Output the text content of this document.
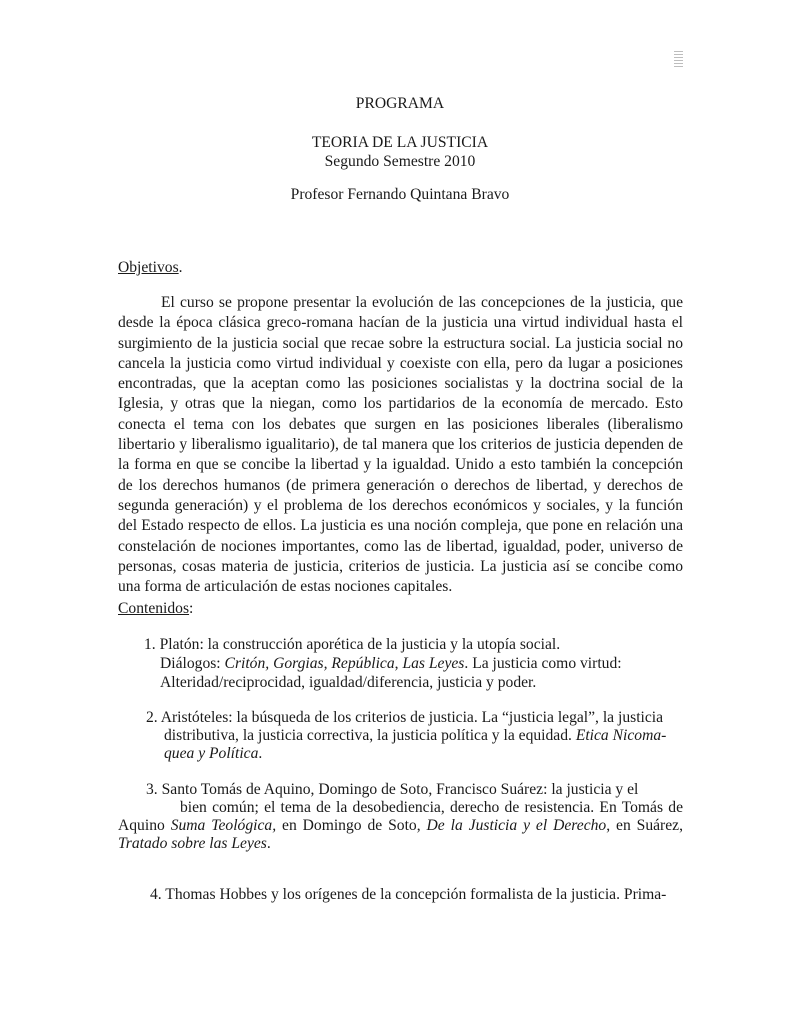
PROGRAMA
TEORIA DE LA JUSTICIA
Segundo Semestre 2010
Profesor Fernando Quintana Bravo
Objetivos.

El curso se propone presentar la evolución de las concepciones de la justicia, que desde la época clásica greco-romana hacían de la justicia una virtud individual hasta el surgimiento de la justicia social que recae sobre la estructura social. La justicia social no cancela la justicia como virtud individual y coexiste con ella, pero da lugar a posiciones encontradas, que la aceptan como las posiciones socialistas y la doctrina social de la Iglesia, y otras que la niegan, como los partidarios de la economía de mercado. Esto conecta el tema con los debates que surgen en las posiciones liberales (liberalismo libertario y liberalismo igualitario), de tal manera que los criterios de justicia dependen de la forma en que se concibe la libertad y la igualdad. Unido a esto también la concepción de los derechos humanos (de primera generación o derechos de libertad, y derechos de segunda generación) y el problema de los derechos económicos y sociales, y la función del Estado respecto de ellos. La justicia es una noción compleja, que pone en relación una constelación de nociones importantes, como las de libertad, igualdad, poder, universo de personas, cosas materia de justicia, criterios de justicia. La justicia así se concibe como una forma de articulación de estas nociones capitales.

Contenidos:
1. Platón: la construcción aporética de la justicia y la utopía social.
Diálogos: Critón, Gorgias, República, Las Leyes. La justicia como virtud:
Alteridad/reciprocidad, igualdad/diferencia, justicia y poder.
2. Aristóteles: la búsqueda de los criterios de justicia. La “justicia legal”, la justicia
distributiva, la justicia correctiva, la justicia política y la equidad. Etica Nicoma-
quea y Política.
3. Santo Tomás de Aquino, Domingo de Soto, Francisco Suárez: la justicia y el
bien común; el tema de la desobediencia, derecho de resistencia. En Tomás de
Aquino Suma Teológica, en Domingo de Soto, De la Justicia y el Derecho, en Suárez,
Tratado sobre las Leyes.
4. Thomas Hobbes y los orígenes de la concepción formalista de la justicia. Prima-
